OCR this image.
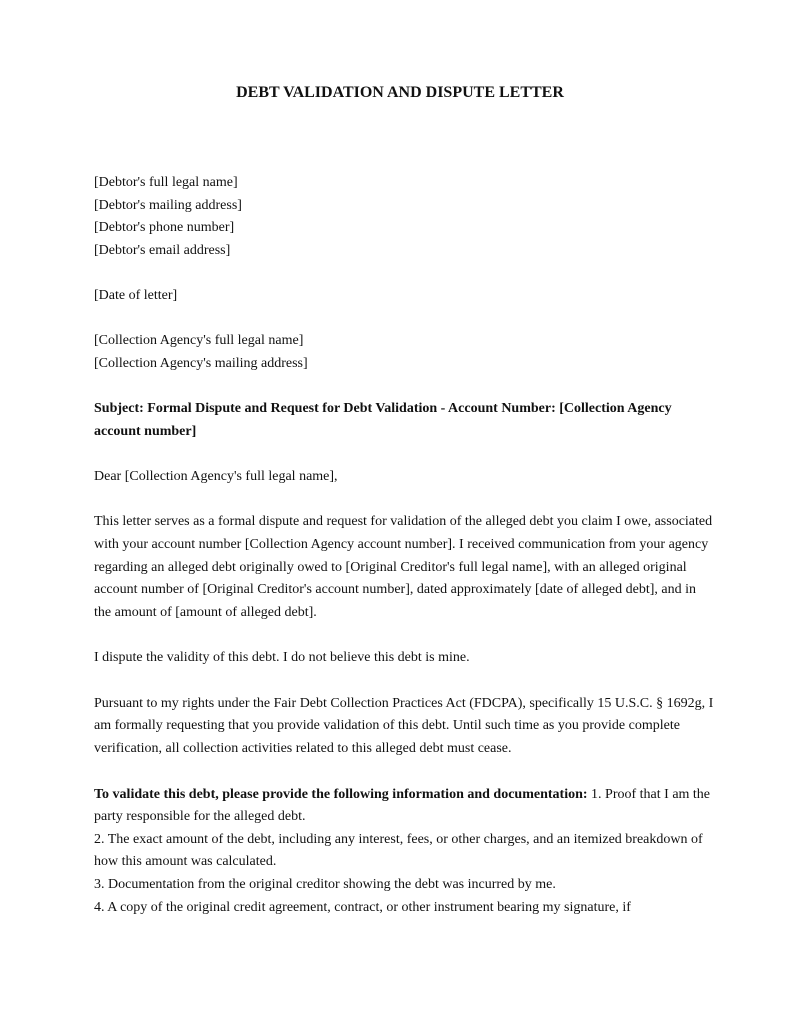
DEBT VALIDATION AND DISPUTE LETTER
[Debtor's full legal name]
[Debtor's mailing address]
[Debtor's phone number]
[Debtor's email address]
[Date of letter]
[Collection Agency's full legal name]
[Collection Agency's mailing address]

Subject: Formal Dispute and Request for Debt Validation - Account Number: [Collection Agency account number]

Dear [Collection Agency's full legal name],

This letter serves as a formal dispute and request for validation of the alleged debt you claim I owe, associated with your account number [Collection Agency account number]. I received communication from your agency regarding an alleged debt originally owed to [Original Creditor's full legal name], with an alleged original account number of [Original Creditor's account number], dated approximately [date of alleged debt], and in the amount of [amount of alleged debt].

I dispute the validity of this debt. I do not believe this debt is mine.

Pursuant to my rights under the Fair Debt Collection Practices Act (FDCPA), specifically 15 U.S.C. § 1692g, I am formally requesting that you provide validation of this debt. Until such time as you provide complete verification, all collection activities related to this alleged debt must cease.

To validate this debt, please provide the following information and documentation: 1. Proof that I am the party responsible for the alleged debt.

2. The exact amount of the debt, including any interest, fees, or other charges, and an itemized breakdown of how this amount was calculated.
3. Documentation from the original creditor showing the debt was incurred by me.
4. A copy of the original credit agreement, contract, or other instrument bearing my signature, if
